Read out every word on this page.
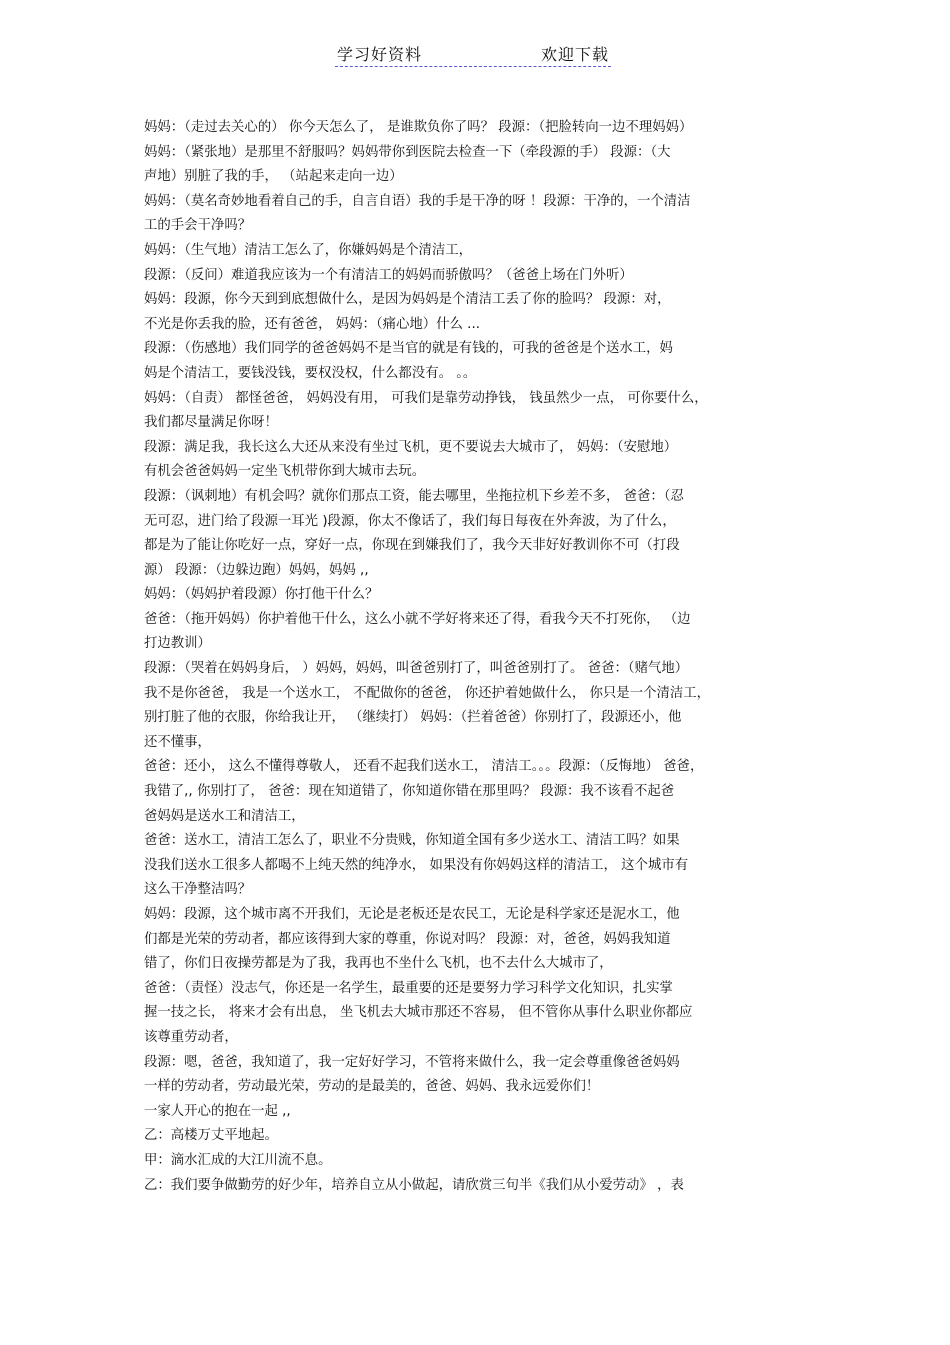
学习好资料	欢迎下载
妈妈：（走过去关心的） 你今天怎么了， 是谁欺负你了吗？ 段源：（把脸转向一边不理妈妈）
妈妈：（紧张地）是那里不舒服吗？妈妈带你到医院去检查一下（牵段源的手） 段源：（大
声地）别脏了我的手， （站起来走向一边）
妈妈：（莫名奇妙地看着自己的手，自言自语）我的手是干净的呀 ！段源：干净的，一个清洁
工的手会干净吗？
妈妈：（生气地）清洁工怎么了，你嫌妈妈是个清洁工，
段源：（反问）难道我应该为一个有清洁工的妈妈而骄傲吗？（爸爸上场在门外听）
妈妈：段源，你今天到到底想做什么，是因为妈妈是个清洁工丢了你的脸吗？ 段源：对，
不光是你丢我的脸，还有爸爸， 妈妈：（痛心地）什么 ...
段源：（伤感地）我们同学的爸爸妈妈不是当官的就是有钱的，可我的爸爸是个送水工，妈
妈是个清洁工，要钱没钱，要权没权，什么都没有。 。。
妈妈：（自责） 都怪爸爸， 妈妈没有用， 可我们是靠劳动挣钱， 钱虽然少一点， 可你要什么，
我们都尽量满足你呀！
段源：满足我，我长这么大还从来没有坐过飞机，更不要说去大城市了， 妈妈：（安慰地）
有机会爸爸妈妈一定坐飞机带你到大城市去玩。
段源：（讽刺地）有机会吗？就你们那点工资，能去哪里，坐拖拉机下乡差不多， 爸爸：（忍
无可忍，进门给了段源一耳光 )段源，你太不像话了，我们每日每夜在外奔波，为了什么，
都是为了能让你吃好一点，穿好一点，你现在到嫌我们了，我今天非好好教训你不可（打段
源） 段源：（边躲边跑）妈妈，妈妈 ,,
妈妈：（妈妈护着段源）你打他干什么？
爸爸：（拖开妈妈）你护着他干什么，这么小就不学好将来还了得，看我今天不打死你， （边
打边教训）
段源：（哭着在妈妈身后， ）妈妈，妈妈，叫爸爸别打了，叫爸爸别打了。 爸爸：（赌气地）
我不是你爸爸， 我是一个送水工， 不配做你的爸爸， 你还护着她做什么， 你只是一个清洁工，
别打脏了他的衣服，你给我让开， （继续打） 妈妈：（拦着爸爸）你别打了，段源还小，他
还不懂事，
爸爸：还小， 这么不懂得尊敬人， 还看不起我们送水工， 清洁工。。。段源：（反悔地） 爸爸，
我错了,, 你别打了， 爸爸：现在知道错了，你知道你错在那里吗？ 段源：我不该看不起爸
爸妈妈是送水工和清洁工，
爸爸：送水工，清洁工怎么了，职业不分贵贱，你知道全国有多少送水工、清洁工吗？如果
没我们送水工很多人都喝不上纯天然的纯净水， 如果没有你妈妈这样的清洁工， 这个城市有
这么干净整洁吗？
妈妈：段源，这个城市离不开我们，无论是老板还是农民工，无论是科学家还是泥水工，他
们都是光荣的劳动者，都应该得到大家的尊重，你说对吗？ 段源：对，爸爸，妈妈我知道
错了，你们日夜操劳都是为了我，我再也不坐什么飞机，也不去什么大城市了，
爸爸：（责怪）没志气，你还是一名学生，最重要的还是要努力学习科学文化知识，扎实掌
握一技之长， 将来才会有出息， 坐飞机去大城市那还不容易， 但不管你从事什么职业你都应
该尊重劳动者，
段源：嗯，爸爸，我知道了，我一定好好学习，不管将来做什么，我一定会尊重像爸爸妈妈
一样的劳动者，劳动最光荣，劳动的是最美的，爸爸、妈妈、我永远爱你们！
一家人开心的抱在一起 ,,
乙：高楼万丈平地起。
甲：滴水汇成的大江川流不息。
乙：我们要争做勤劳的好少年，培养自立从小做起，请欣赏三句半《我们从小爱劳动》 ，表
